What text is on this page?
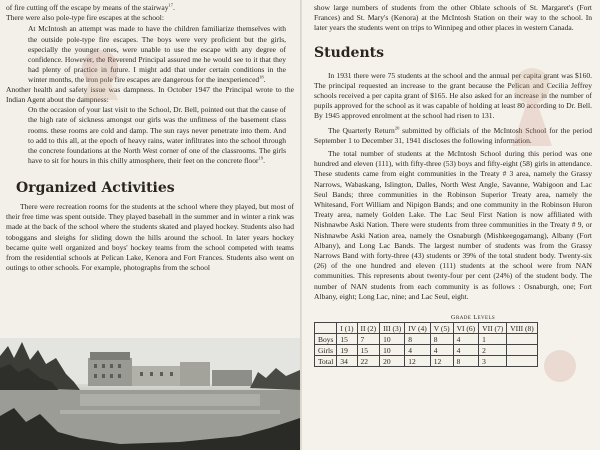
of fire cutting off the escape by means of the stairway$^{17}$.

There were also pole-type fire escapes at the school:

At McIntosh an attempt was made to have the children familiarize themselves with the outside pole-type fire escapes. The boys were very proficient but the girls, especially the younger ones, were unable to use the escape with any degree of confidence. However, the Reverend Principal assured me he would see to it that they had plenty of practice in future. I might add that under certain conditions in the winter months, the iron pole fire escapes are dangerous for the inexperienced$^{18}$.

Another health and safety issue was dampness. In October 1947 the Principal wrote to the Indian Agent about the dampness:

On the occasion of your last visit to the School, Dr. Bell, pointed out that the cause of the high rate of sickness amongst our girls was the unfitness of the basement class rooms. these rooms are cold and damp. The sun rays never penetrate into them. And to add to this all, at the epoch of heavy rains, water infiltrates into the school through the concrete foundations at the North West corner of one of the classrooms. The girls have to sit for hours in this chilly atmosphere, their feet on the concrete floor$^{19}$.

Organized Activities

There were recreation rooms for the students at the school where they played, but most of their free time was spent outside. They played baseball in the summer and in winter a rink was made at the back of the school where the students skated and played hockey. Students also had toboggans and sleighs for sliding down the hills around the school. In later years hockey became quite well organized and boys' hockey teams from the school competed with teams from the residential schools at Pelican Lake, Kenora and Fort Frances. Students also went on outings to other schools. For example, photographs from the school

show large numbers of students from the other Oblate schools of St. Margaret's (Fort Frances) and St. Mary's (Kenora) at the McIntosh Station on their way to the school. In later years the students went on trips to Winnipeg and other places in western Canada.

Students

In 1931 there were 75 students at the school and the annual per capita grant was $160. The principal requested an increase to the grant because the Pelican and Cecilia Jeffrey schools received a per capita grant of $165. He also asked for an increase in the number of pupils approved for the school as it was capable of holding at least 80 according to Dr. Bell. By 1945 approved enrolment at the school had risen to 131.

The Quarterly Return$^{20}$ submitted by officials of the McIntosh School for the period September 1 to December 31, 1941 discloses the following information.

The total number of students at the McIntosh School during this period was one hundred and eleven (111), with fifty-three (53) boys and fifty-eight (58) girls in attendance. These students came from eight communities in the Treaty # 3 area, namely the Grassy Narrows, Wabaskang, Islington, Dalles, North West Angle, Savanne, Wabigoon and Lac Seul Bands; three communities in the Robinson Superior Treaty area, namely the Whitesand, Fort William and Nipigon Bands; and one community in the Robinson Huron Treaty area, namely Golden Lake. The Lac Seul First Nation is now affiliated with Nishnawbe Aski Nation. There were students from three communities in the Treaty # 9, or Nishnawbe Aski Nation area, namely the Osnaburgh (Mishkeegogamang), Albany (Fort Albany), and Long Lac Bands. The largest number of students was from the Grassy Narrows Band with forty-three (43) students or 39% of the total student body. Twenty-six (26) of the one hundred and eleven (111) students at the school were from NAN communities. This represents about twenty-four per cent (24%) of the student body. The number of NAN students from each community is as follows : Osnaburgh, one; Fort Albany, eight; Long Lac, nine; and Lac Seul, eight.

Grade Levels
	I (1)	II (2)	III (3)	IV (4)	V (5)	VI (6)	VII (7)	VIII (8)
Boys	15	7	10	8	8	4	1	
Girls	19	15	10	4	4	4	2	
Total	34	22	20	12	12	8	3	
